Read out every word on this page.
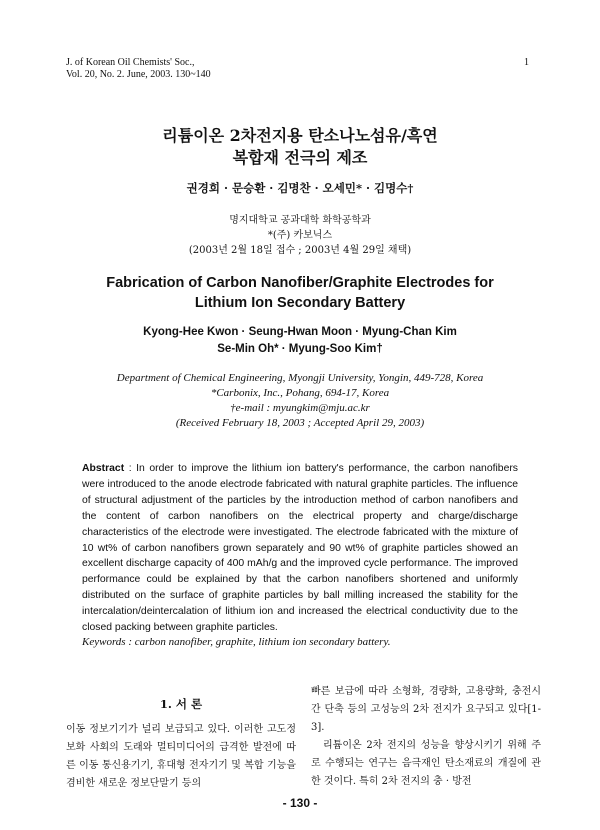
J. of Korean Oil Chemists' Soc.,
Vol. 20, No. 2. June, 2003. 130~140
1
리튬이온 2차전지용 탄소나노섬유/흑연
복합재 전극의 제조
권경희 · 문승환 · 김명찬 · 오세민* · 김명수†
명지대학교 공과대학 화학공학과
*(주) 카보닉스
(2003년 2월 18일 접수 ; 2003년 4월 29일 채택)
Fabrication of Carbon Nanofiber/Graphite Electrodes for
Lithium Ion Secondary Battery
Kyong-Hee Kwon · Seung-Hwan Moon · Myung-Chan Kim
Se-Min Oh* · Myung-Soo Kim†
Department of Chemical Engineering, Myongji University, Yongin, 449-728, Korea
*Carbonix, Inc., Pohang, 694-17, Korea
†e-mail : myungkim@mju.ac.kr
(Received February 18, 2003 ; Accepted April 29, 2003)
Abstract : In order to improve the lithium ion battery's performance, the carbon nanofibers were introduced to the anode electrode fabricated with natural graphite particles. The influence of structural adjustment of the particles by the introduction method of carbon nanofibers and the content of carbon nanofibers on the electrical property and charge/discharge characteristics of the electrode were investigated. The electrode fabricated with the mixture of 10 wt% of carbon nanofibers grown separately and 90 wt% of graphite particles showed an excellent discharge capacity of 400 mAh/g and the improved cycle performance. The improved performance could be explained by that the carbon nanofibers shortened and uniformly distributed on the surface of graphite particles by ball milling increased the stability for the intercalation/deintercalation of lithium ion and increased the electrical conductivity due to the closed packing between graphite particles.
Keywords : carbon nanofiber, graphite, lithium ion secondary battery.
1. 서 론

이동 정보기기가 널리 보급되고 있다. 이러한 고도정보화 사회의 도래와 멀티미디어의 급격한 발전에 따른 이동 통신용기기, 휴대형 전자기기 및 복합 기능을 겸비한 새로운 정보단말기 등의

빠른 보급에 따라 소형화, 경량화, 고용량화, 충전시간 단축 등의 고성능의 2차 전지가 요구되고 있다[1-3].

리튬이온 2차 전지의 성능을 향상시키기 위해 주로 수행되는 연구는 음극재인 탄소재료의 개질에 관한 것이다. 특히 2차 전지의 충 · 방전

- 130 -
